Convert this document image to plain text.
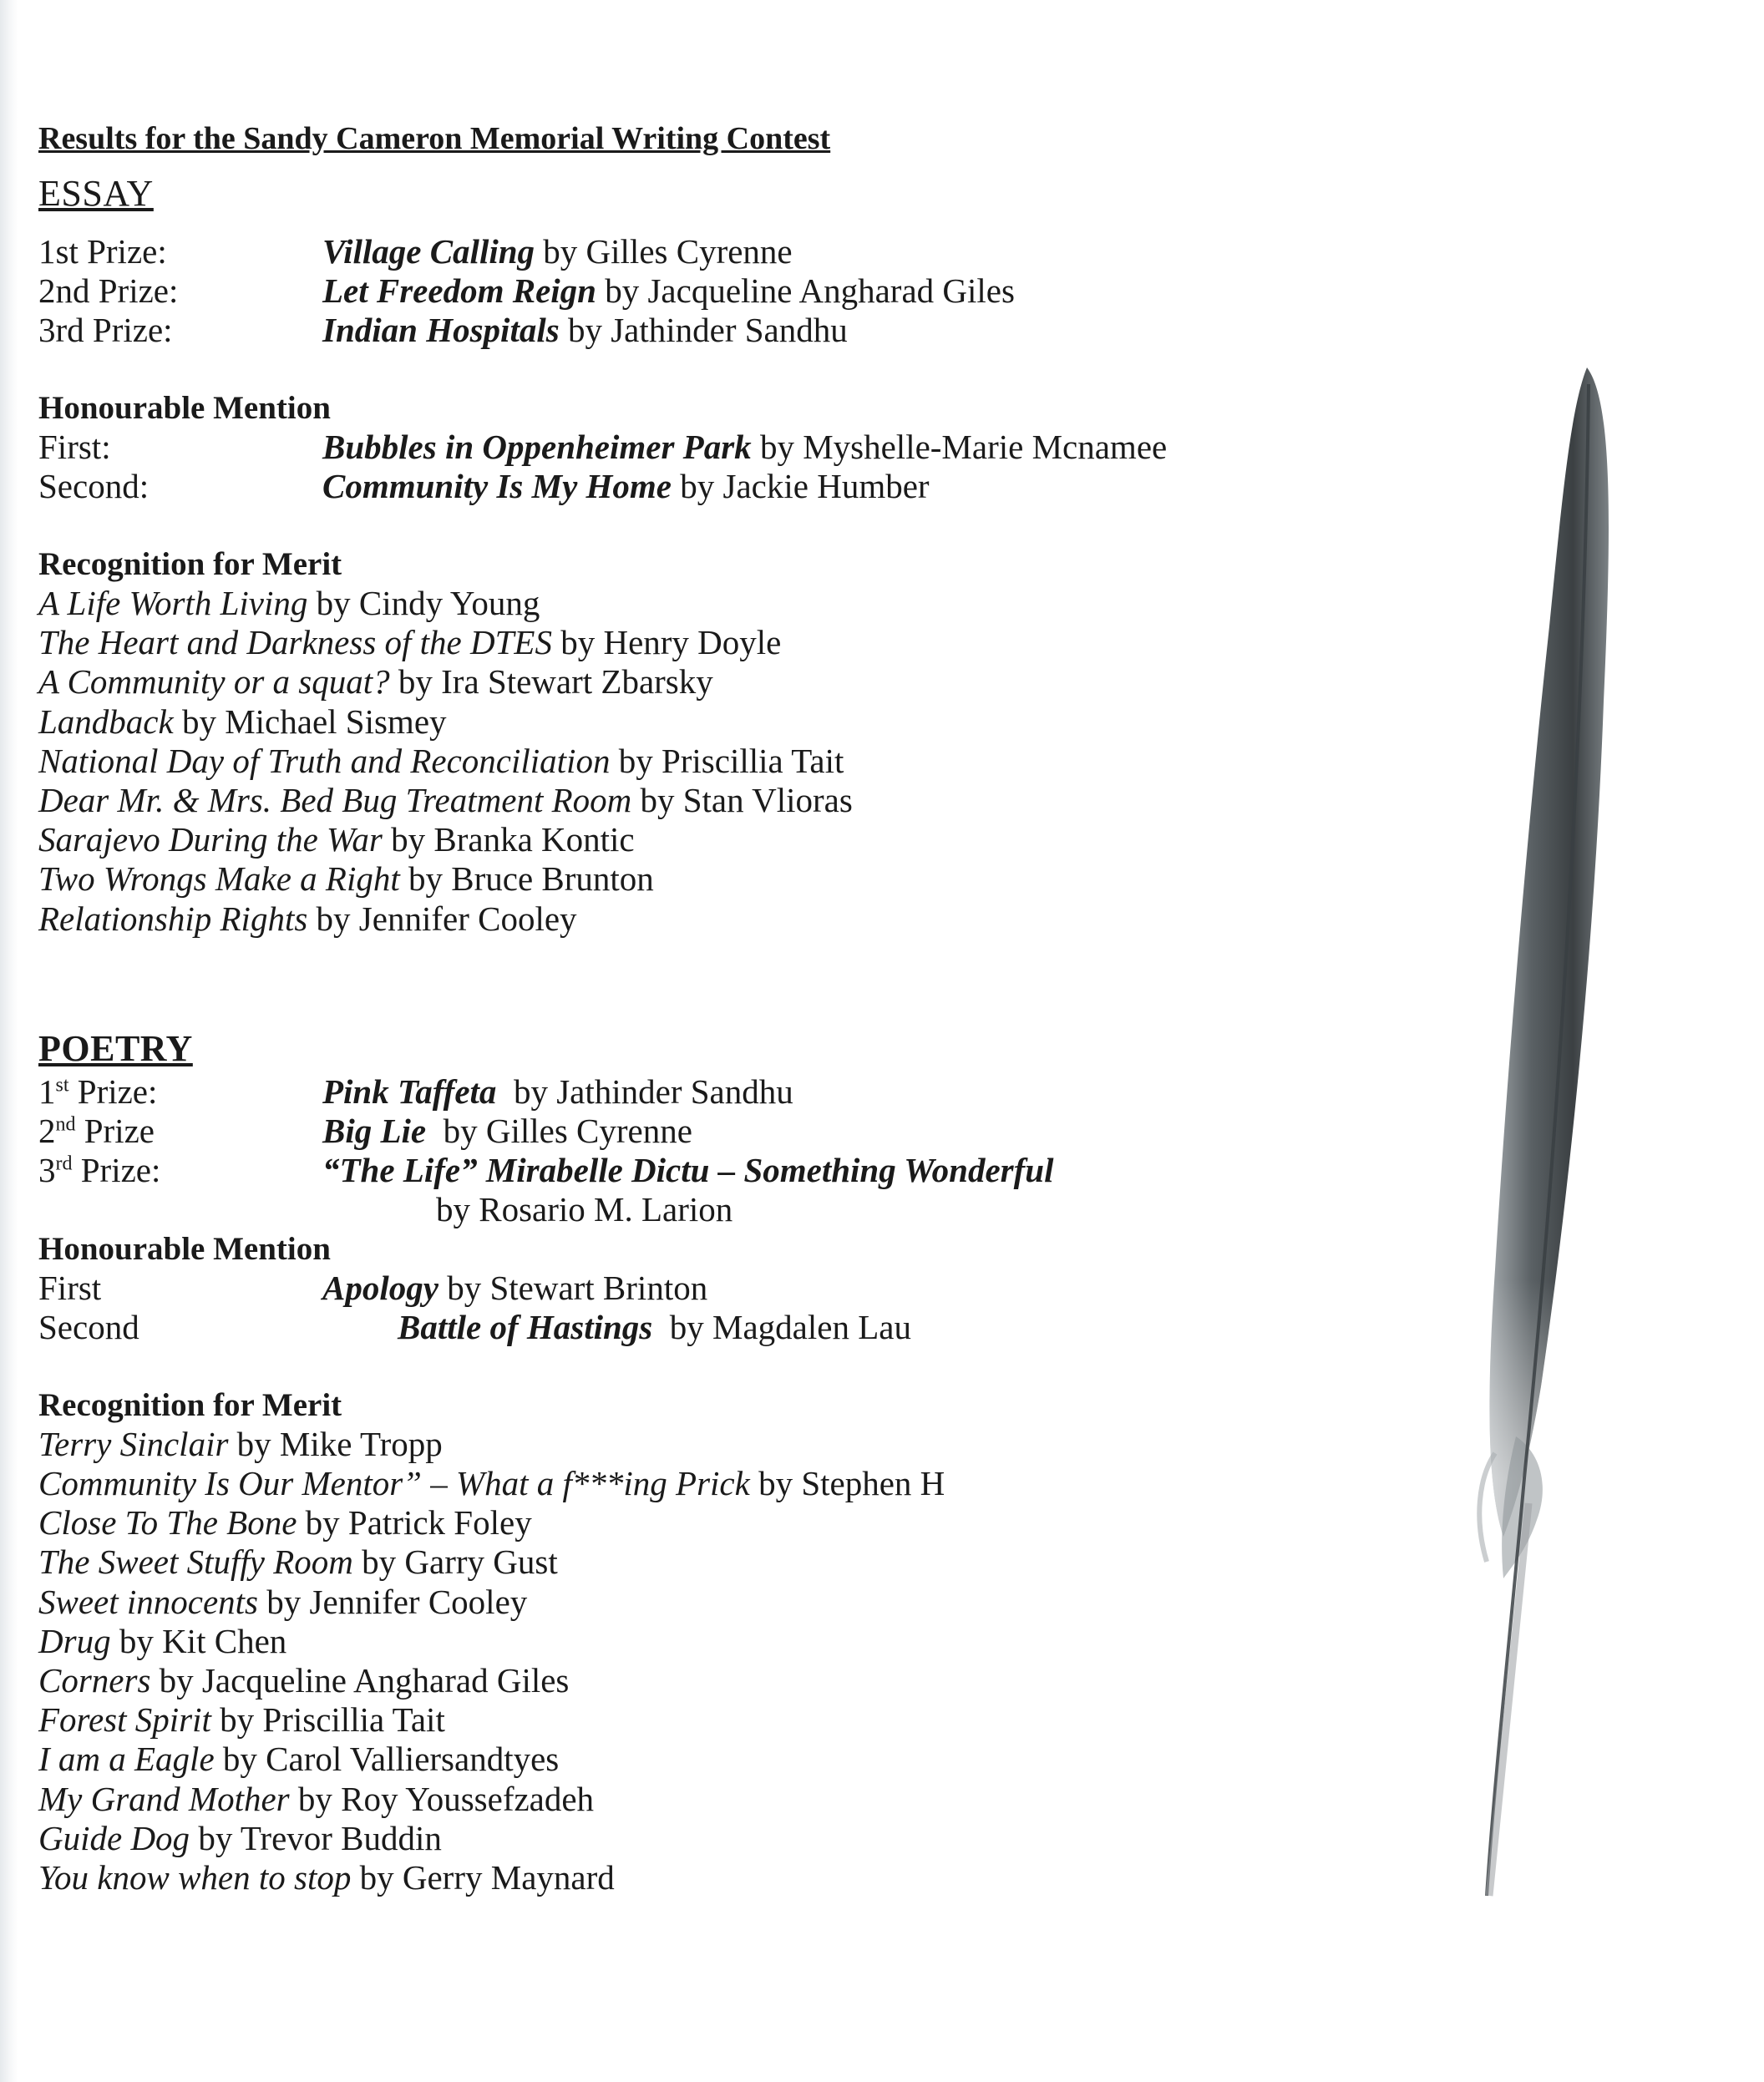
Results for the Sandy Cameron Memorial Writing Contest
ESSAY
1st Prize:	Village Calling by Gilles Cyrenne
2nd Prize:	Let Freedom Reign by Jacqueline Angharad Giles
3rd Prize:	Indian Hospitals by Jathinder Sandhu
Honourable Mention
First:	Bubbles in Oppenheimer Park by Myshelle-Marie Mcnamee
Second:	Community Is My Home by Jackie Humber
Recognition for Merit
A Life Worth Living by Cindy Young
The Heart and Darkness of the DTES by Henry Doyle
A Community or a squat? by Ira Stewart Zbarsky
Landback by Michael Sismey
National Day of Truth and Reconciliation by Priscillia Tait
Dear Mr. & Mrs. Bed Bug Treatment Room by Stan Vlioras
Sarajevo During the War by Branka Kontic
Two Wrongs Make a Right by Bruce Brunton
Relationship Rights by Jennifer Cooley
POETRY
1st Prize:	Pink Taffeta  by Jathinder Sandhu
2nd Prize	Big Lie  by Gilles Cyrenne
3rd Prize:	“The Life” Mirabelle Dictu – Something Wonderful
by Rosario M. Larion
Honourable Mention
First	Apology by Stewart Brinton
Second	Battle of Hastings  by Magdalen Lau
Recognition for Merit
Terry Sinclair by Mike Tropp
Community Is Our Mentor” – What a f***ing Prick by Stephen H
Close To The Bone by Patrick Foley
The Sweet Stuffy Room by Garry Gust
Sweet innocents by Jennifer Cooley
Drug by Kit Chen
Corners by Jacqueline Angharad Giles
Forest Spirit by Priscillia Tait
I am a Eagle by Carol Valliersandtyes
My Grand Mother by Roy Youssefzadeh
Guide Dog by Trevor Buddin
You know when to stop by Gerry Maynard
